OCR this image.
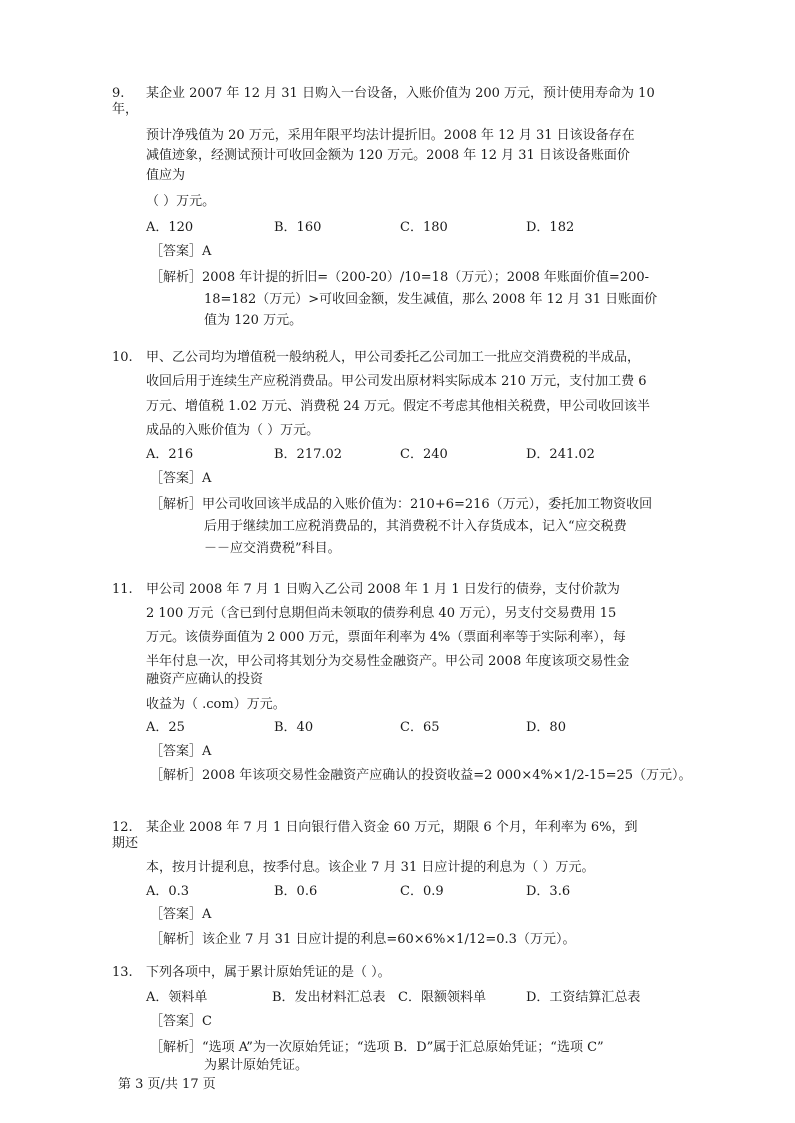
9. 某企业 2007 年 12 月 31 日购入一台设备，入账价值为 200 万元，预计使用寿命为 10
年，
预计净残值为 20 万元，采用年限平均法计提折旧。2008 年 12 月 31 日该设备存在
减值迹象，经测试预计可收回金额为 120 万元。2008 年 12 月 31 日该设备账面价
值应为
（ ）万元。
A．120	B．160	C．180	D．182
［答案］A
［解析］2008 年计提的折旧=（200-20）/10=18（万元）；2008 年账面价值=200-
18=182（万元）>可收回金额，发生减值，那么 2008 年 12 月 31 日账面价
值为 120 万元。
10. 甲、乙公司均为增值税一般纳税人，甲公司委托乙公司加工一批应交消费税的半成品，
收回后用于连续生产应税消费品。甲公司发出原材料实际成本 210 万元，支付加工费 6
万元、增值税 1.02 万元、消费税 24 万元。假定不考虑其他相关税费，甲公司收回该半
成品的入账价值为（ ）万元。
A．216	B．217.02	C．240	D．241.02
［答案］A
［解析］甲公司收回该半成品的入账价值为：210+6=216（万元），委托加工物资收回
后用于继续加工应税消费品的，其消费税不计入存货成本，记入“应交税费
－－应交消费税”科目。
11. 甲公司 2008 年 7 月 1 日购入乙公司 2008 年 1 月 1 日发行的债券，支付价款为
2 100 万元（含已到付息期但尚未领取的债券利息 40 万元），另支付交易费用 15
万元。该债券面值为 2 000 万元，票面年利率为 4%（票面利率等于实际利率），每
半年付息一次，甲公司将其划分为交易性金融资产。甲公司 2008 年度该项交易性金
融资产应确认的投资
收益为（ .com）万元。
A．25	B．40	C．65	D．80
［答案］A
［解析］2008 年该项交易性金融资产应确认的投资收益=2 000×4%×1/2-15=25（万元）。
12. 某企业 2008 年 7 月 1 日向银行借入资金 60 万元，期限 6 个月，年利率为 6%，到
期还
本，按月计提利息，按季付息。该企业 7 月 31 日应计提的利息为（ ）万元。
A．0.3	B．0.6	C．0.9	D．3.6
［答案］A
［解析］该企业 7 月 31 日应计提的利息=60×6%×1/12=0.3（万元）。
13. 下列各项中，属于累计原始凭证的是（ ）。
A．领料单	B．发出材料汇总表 C．限额领料单	D．工资结算汇总表
［答案］C
［解析］“选项 A”为一次原始凭证；“选项 B．D”属于汇总原始凭证；“选项 C”
为累计原始凭证。
第 3 页/共 17 页
